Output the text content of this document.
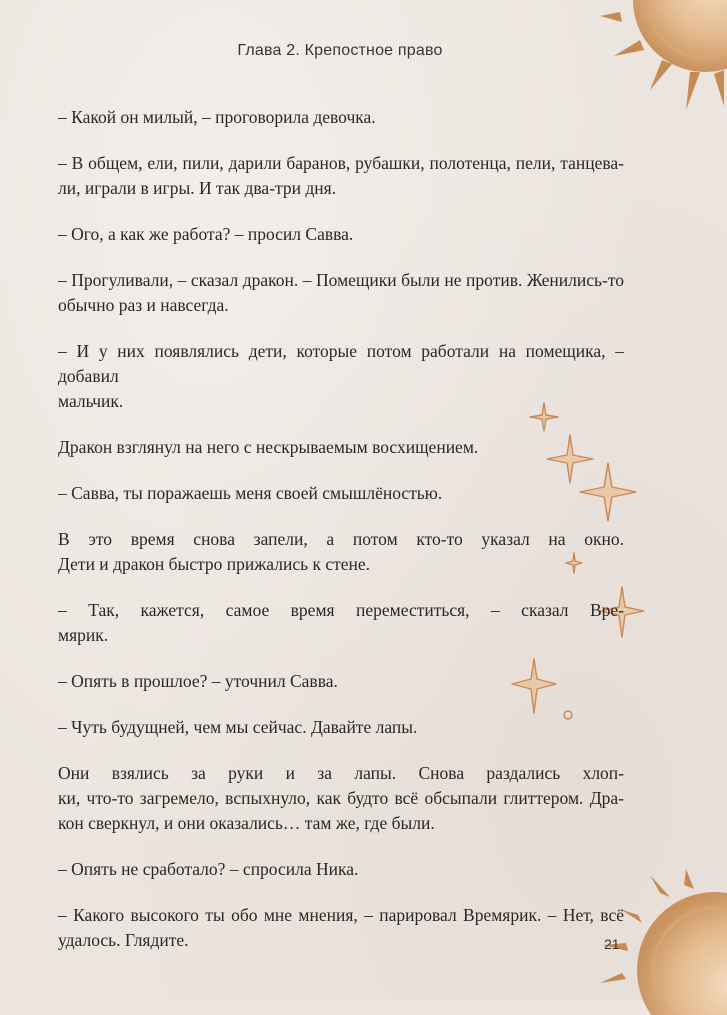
Глава 2. Крепостное право

– Какой он милый, – проговорила девочка.

– В общем, ели, пили, дарили баранов, рубашки, полотенца, пели, танцева-
ли, играли в игры. И так два-три дня.

– Ого, а как же работа? – просил Савва.

– Прогуливали, – сказал дракон. – Помещики были не против. Женились-то
обычно раз и навсегда.

– И у них появлялись дети, которые потом работали на помещика, – добавил
мальчик.

Дракон взглянул на него с нескрываемым восхищением.

– Савва, ты поражаешь меня своей смышлёностью.

В это время снова запели, а потом кто-то указал на окно.
Дети и дракон быстро прижались к стене.

– Так, кажется, самое время переместиться, – сказал Врe-
мярик.

– Опять в прошлое? – уточнил Савва.

– Чуть будущней, чем мы сейчас. Давайте лапы.

Они взялись за руки и за лапы. Снова раздались хлоп-
ки, что-то загремело, вспыхнуло, как будто всё обсыпали глиттером. Дра-
кон сверкнул, и они оказались… там же, где были.

– Опять не сработало? – спросила Ника.

– Какого высокого ты обо мне мнения, – парировал Времярик. – Нет, всё
удалось. Глядите.	21
